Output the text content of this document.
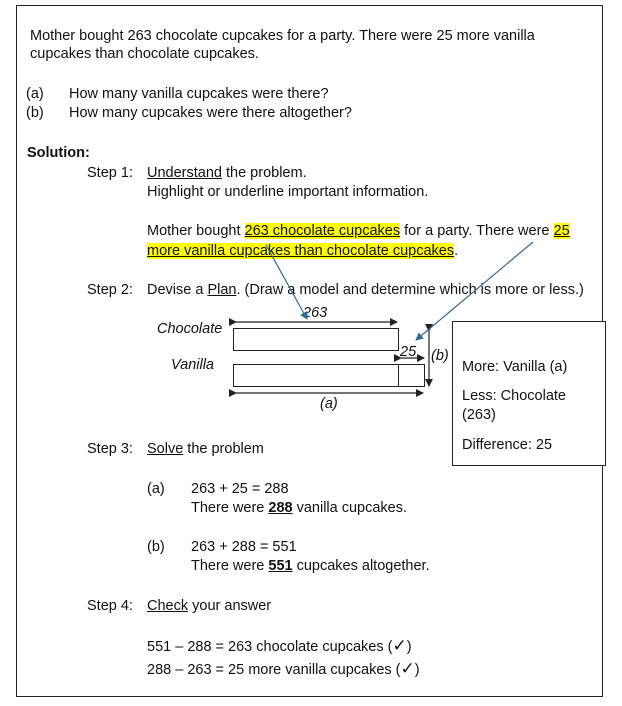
Mother bought 263 chocolate cupcakes for a party. There were 25 more vanilla
cupcakes than chocolate cupcakes.
(a) How many vanilla cupcakes were there?
(b) How many cupcakes were there altogether?
Solution:
Step 1: Understand the problem.
Highlight or underline important information.
Mother bought 263 chocolate cupcakes for a party. There were 25
more vanilla cupcakes than chocolate cupcakes.
Step 2: Devise a Plan. (Draw a model and determine which is more or less.)
Chocolate
Vanilla
263
25 (b)
(a)
More: Vanilla (a)
Less: Chocolate
(263)
Difference: 25
Step 3: Solve the problem
(a) 263 + 25 = 288
There were 288 vanilla cupcakes.
(b) 263 + 288 = 551
There were 551 cupcakes altogether.
Step 4: Check your answer
551 – 288 = 263 chocolate cupcakes (✓)
288 – 263 = 25 more vanilla cupcakes (✓)
